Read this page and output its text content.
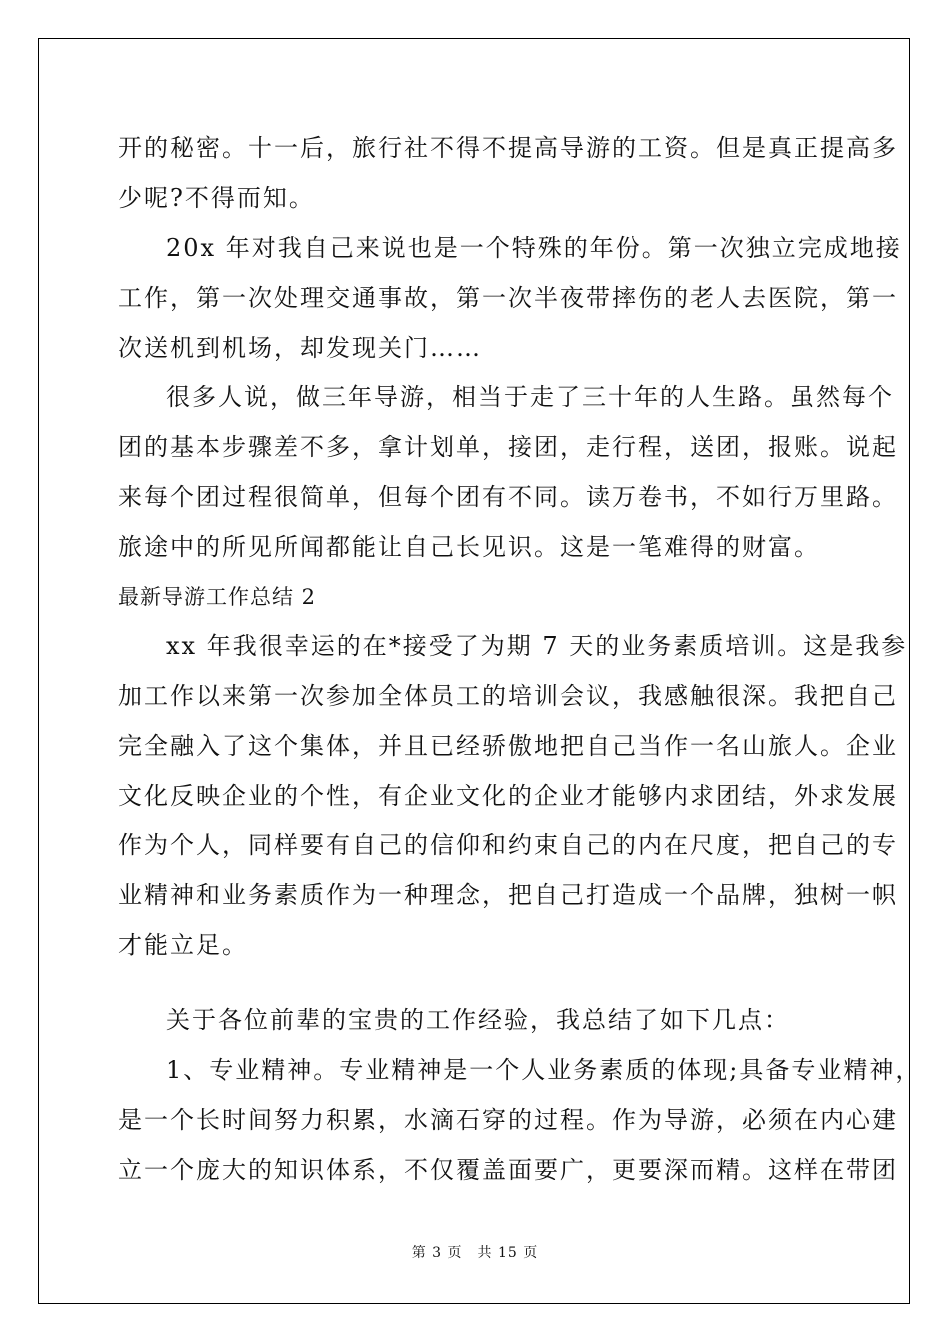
开的秘密。十一后，旅行社不得不提高导游的工资。但是真正提高多

少呢?不得而知。

20x 年对我自己来说也是一个特殊的年份。第一次独立完成地接

工作，第一次处理交通事故，第一次半夜带摔伤的老人去医院，第一

次送机到机场，却发现关门……

很多人说，做三年导游，相当于走了三十年的人生路。虽然每个

团的基本步骤差不多，拿计划单，接团，走行程，送团，报账。说起

来每个团过程很简单，但每个团有不同。读万卷书，不如行万里路。

旅途中的所见所闻都能让自己长见识。这是一笔难得的财富。

最新导游工作总结 2

xx 年我很幸运的在*接受了为期 7 天的业务素质培训。这是我参

加工作以来第一次参加全体员工的培训会议，我感触很深。我把自己

完全融入了这个集体，并且已经骄傲地把自己当作一名山旅人。企业

文化反映企业的个性，有企业文化的企业才能够内求团结，外求发展

作为个人，同样要有自己的信仰和约束自己的内在尺度，把自己的专

业精神和业务素质作为一种理念，把自己打造成一个品牌，独树一帜

才能立足。

关于各位前辈的宝贵的工作经验，我总结了如下几点：

1、专业精神。专业精神是一个人业务素质的体现;具备专业精神，

是一个长时间努力积累，水滴石穿的过程。作为导游，必须在内心建

立一个庞大的知识体系，不仅覆盖面要广，更要深而精。这样在带团

第 3 页　共 15 页
